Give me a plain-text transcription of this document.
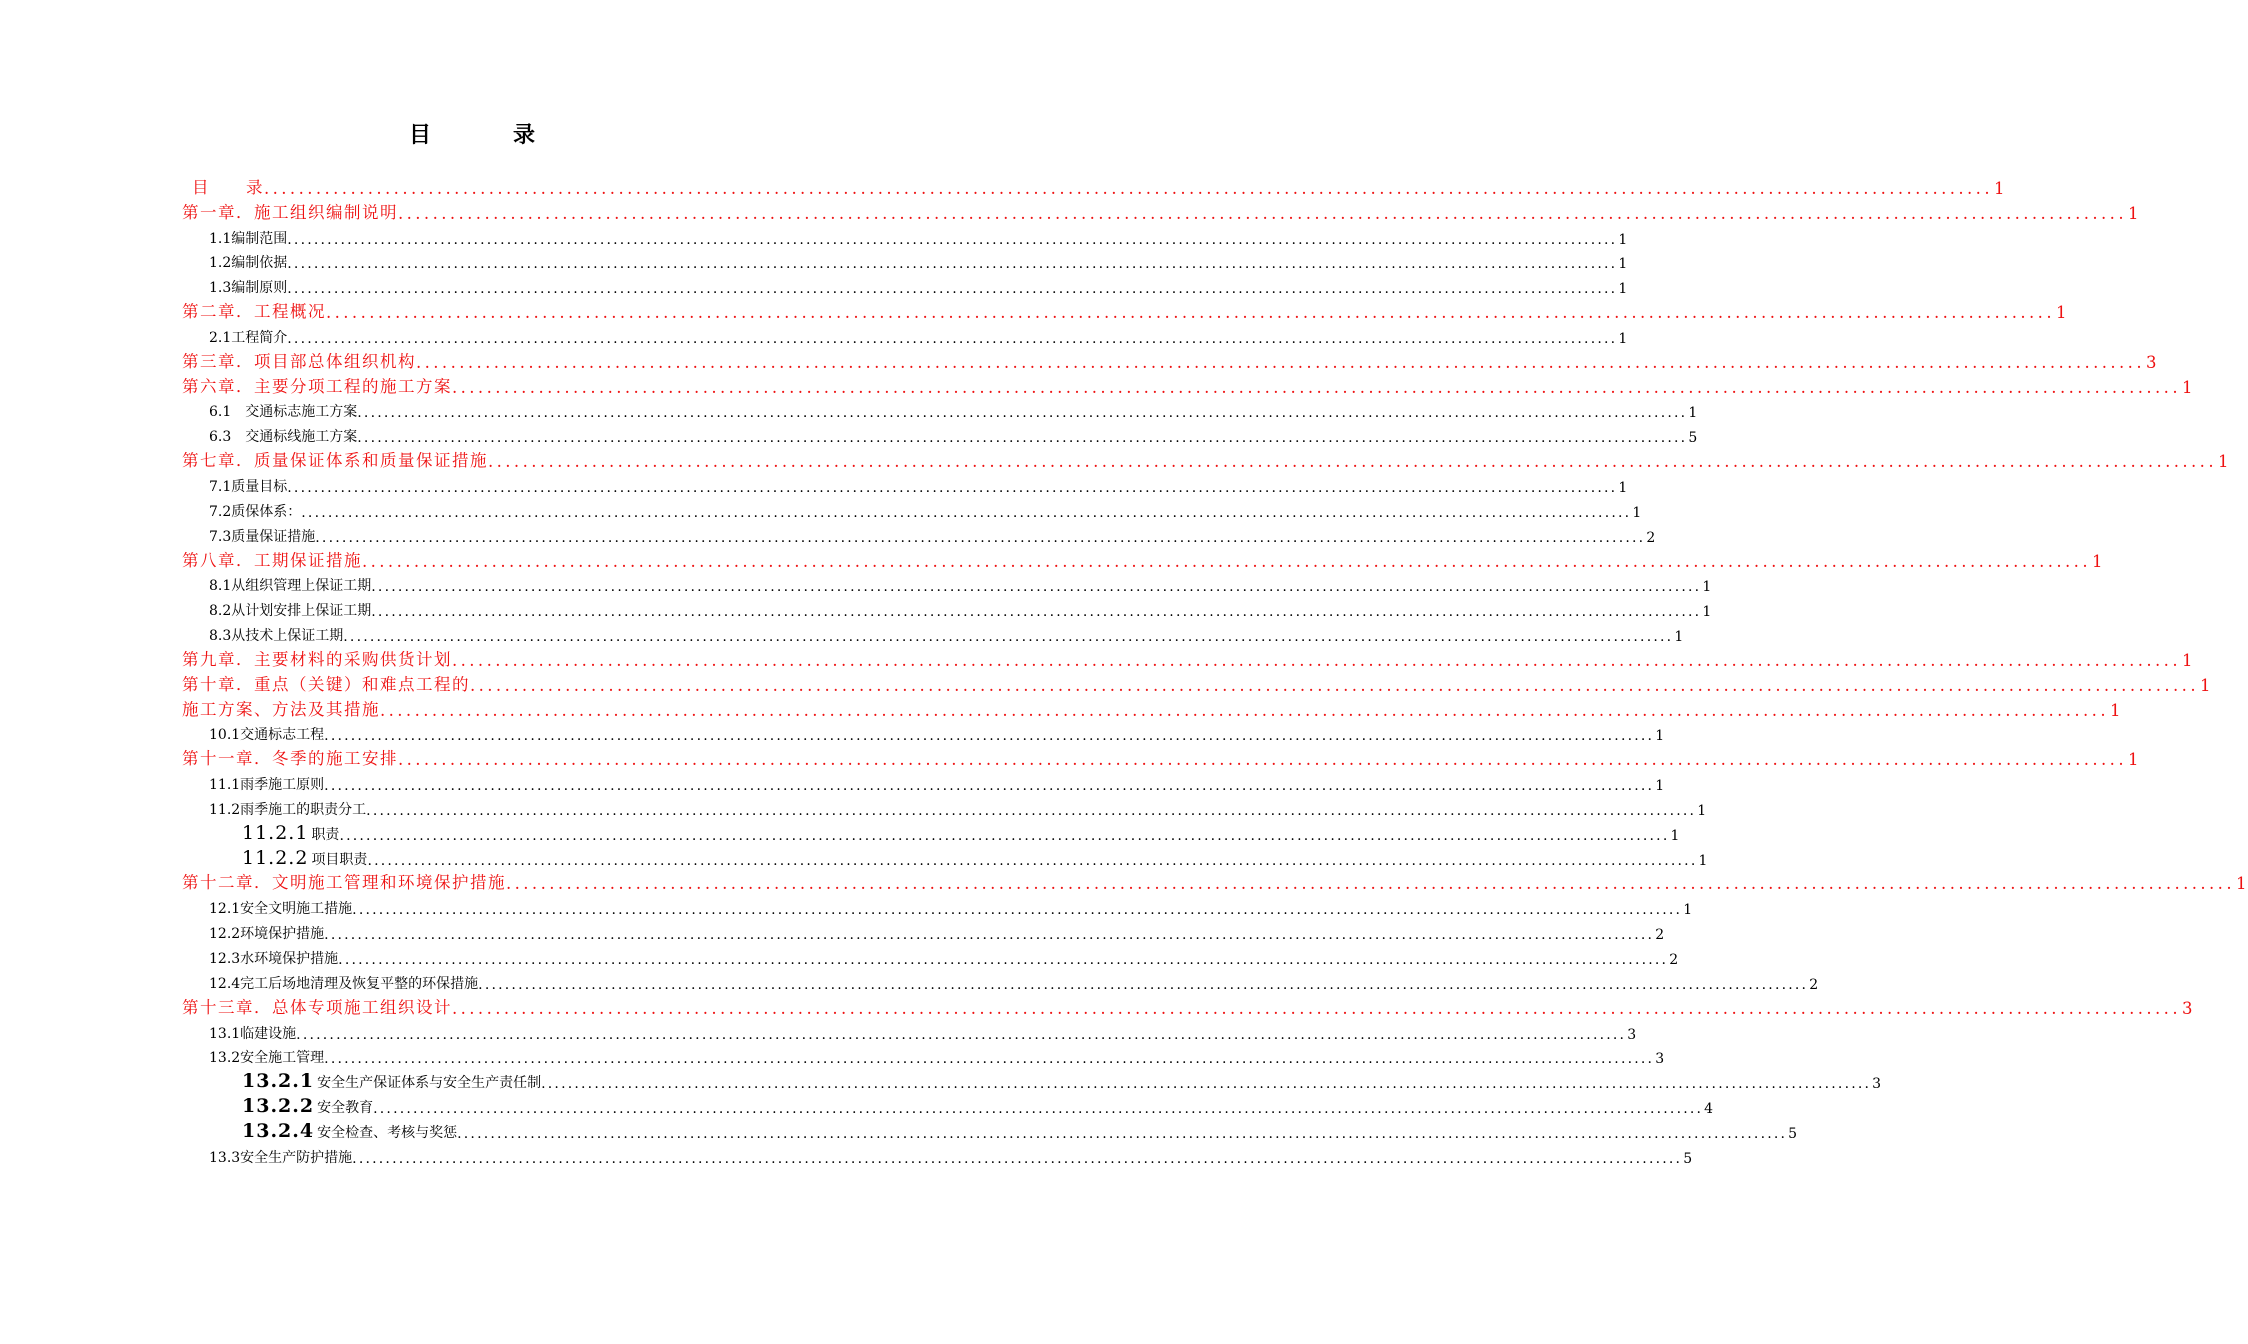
目　录
目　　录 ........................................................................................................................................................................................................ 1
第一章．施工组织编制说明 ........................................................................................................................................................................................................ 1
1.1编制范围 ........................................................................................................................................................................................................ 1
1.2编制依据 ........................................................................................................................................................................................................ 1
1.3编制原则 ........................................................................................................................................................................................................ 1
第二章．工程概况 ........................................................................................................................................................................................................ 1
2.1工程简介 ........................................................................................................................................................................................................ 1
第三章．项目部总体组织机构 ........................................................................................................................................................................................................ 3
第六章．主要分项工程的施工方案 ........................................................................................................................................................................................................ 1
6.1　交通标志施工方案 ........................................................................................................................................................................................................ 1
6.3　交通标线施工方案 ........................................................................................................................................................................................................ 5
第七章．质量保证体系和质量保证措施 ........................................................................................................................................................................................................ 1
7.1质量目标 ........................................................................................................................................................................................................ 1
7.2质保体系： ........................................................................................................................................................................................................ 1
7.3质量保证措施 ........................................................................................................................................................................................................ 2
第八章．工期保证措施 ........................................................................................................................................................................................................ 1
8.1从组织管理上保证工期 ........................................................................................................................................................................................................ 1
8.2从计划安排上保证工期 ........................................................................................................................................................................................................ 1
8.3从技术上保证工期 ........................................................................................................................................................................................................ 1
第九章．主要材料的采购供货计划 ........................................................................................................................................................................................................ 1
第十章．重点（关键）和难点工程的 ........................................................................................................................................................................................................ 1
施工方案、方法及其措施 ........................................................................................................................................................................................................ 1
10.1交通标志工程 ........................................................................................................................................................................................................ 1
第十一章．冬季的施工安排 ........................................................................................................................................................................................................ 1
11.1雨季施工原则 ........................................................................................................................................................................................................ 1
11.2雨季施工的职责分工 ........................................................................................................................................................................................................ 1
11.2.1 职责 ........................................................................................................................................................................................................ 1
11.2.2 项目职责 ........................................................................................................................................................................................................ 1
第十二章．文明施工管理和环境保护措施 ........................................................................................................................................................................................................ 1
12.1安全文明施工措施 ........................................................................................................................................................................................................ 1
12.2环境保护措施 ........................................................................................................................................................................................................ 2
12.3水环境保护措施 ........................................................................................................................................................................................................ 2
12.4完工后场地清理及恢复平整的环保措施 ........................................................................................................................................................................................................ 2
第十三章．总体专项施工组织设计 ........................................................................................................................................................................................................ 3
13.1临建设施 ........................................................................................................................................................................................................ 3
13.2安全施工管理 ........................................................................................................................................................................................................ 3
13.2.1 安全生产保证体系与安全生产责任制 ........................................................................................................................................................................................................ 3
13.2.2 安全教育 ........................................................................................................................................................................................................ 4
13.2.4 安全检查、考核与奖惩 ........................................................................................................................................................................................................ 5
13.3安全生产防护措施 ........................................................................................................................................................................................................ 5
